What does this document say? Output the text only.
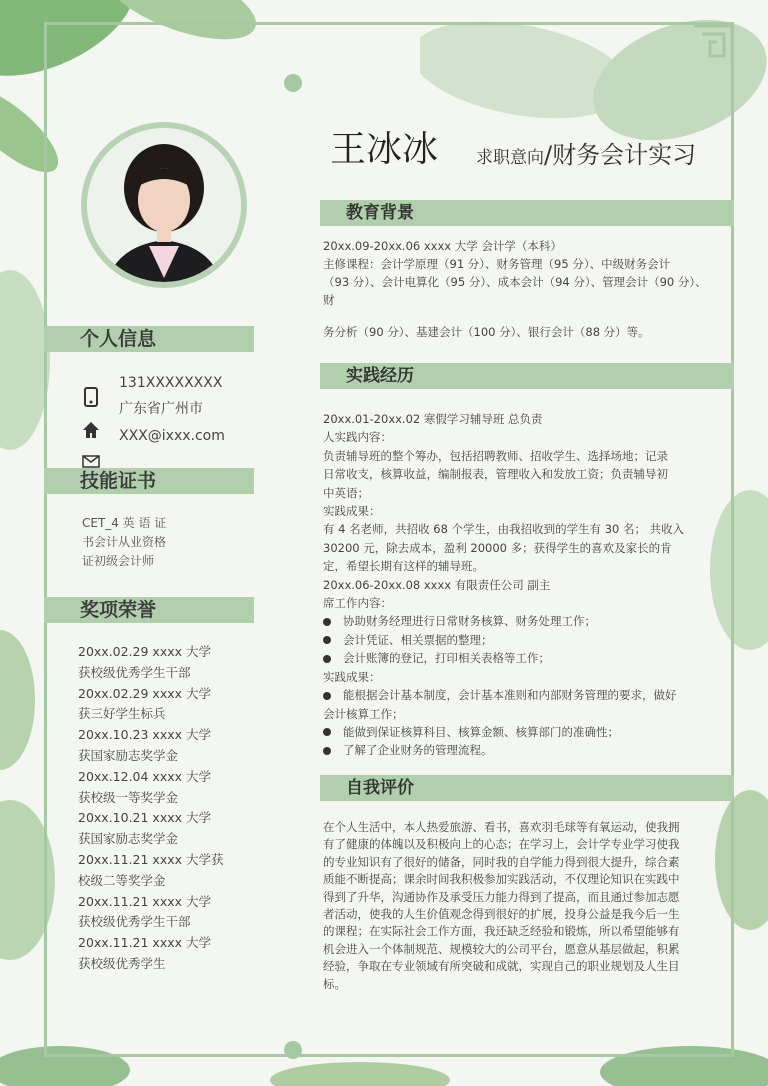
王冰冰 求职意向/财务会计实习
个人信息
131XXXXXXXX
广东省广州市
XXX@ixxx.com
技能证书
CET_4 英 语 证
书会计从业资格
证初级会计师
奖项荣誉
20xx.02.29 xxxx 大学
获校级优秀学生干部
20xx.02.29 xxxx 大学
获三好学生标兵
20xx.10.23 xxxx 大学
获国家励志奖学金
20xx.12.04 xxxx 大学
获校级一等奖学金
20xx.10.21 xxxx 大学
获国家励志奖学金
20xx.11.21 xxxx 大学获
校级二等奖学金
20xx.11.21 xxxx 大学
获校级优秀学生干部
20xx.11.21 xxxx 大学
获校级优秀学生
教育背景
20xx.09-20xx.06 xxxx 大学 会计学（本科）
主修课程：会计学原理（91 分）、财务管理（95 分）、中级财务会计
（93 分）、会计电算化（95 分）、成本会计（94 分）、管理会计（90 分）、
财
务分析（90 分）、基建会计（100 分）、银行会计（88 分）等。
实践经历
20xx.01-20xx.02 寒假学习辅导班 总负责
人实践内容：
负责辅导班的整个筹办，包括招聘教师、招收学生、选择场地；记录
日常收支，核算收益，编制报表，管理收入和发放工资；负责辅导初
中英语；
实践成果：
有 4 名老师，共招收 68 个学生，由我招收到的学生有 30 名； 共收入
30200 元，除去成本，盈利 20000 多；获得学生的喜欢及家长的肯
定，希望长期有这样的辅导班。
20xx.06-20xx.08 xxxx 有限责任公司 副主
席工作内容：
协助财务经理进行日常财务核算、财务处理工作；
会计凭证、相关票据的整理；
会计账簿的登记，打印相关表格等工作；
实践成果：
能根据会计基本制度，会计基本准则和内部财务管理的要求，做好
会计核算工作；
能做到保证核算科目、核算金额、核算部门的准确性；
了解了企业财务的管理流程。
自我评价
在个人生活中，本人热爱旅游、看书，喜欢羽毛球等有氧运动，使我拥
有了健康的体魄以及积极向上的心态；在学习上，会计学专业学习使我
的专业知识有了很好的储备，同时我的自学能力得到很大提升，综合素
质能不断提高；课余时间我积极参加实践活动，不仅理论知识在实践中
得到了升华，沟通协作及承受压力能力得到了提高，而且通过参加志愿
者活动，使我的人生价值观念得到很好的扩展，投身公益是我今后一生
的课程；在实际社会工作方面，我还缺乏经验和锻炼，所以希望能够有
机会进入一个体制规范、规模较大的公司平台，愿意从基层做起，积累
经验，争取在专业领域有所突破和成就，实现自己的职业规划及人生目
标。
